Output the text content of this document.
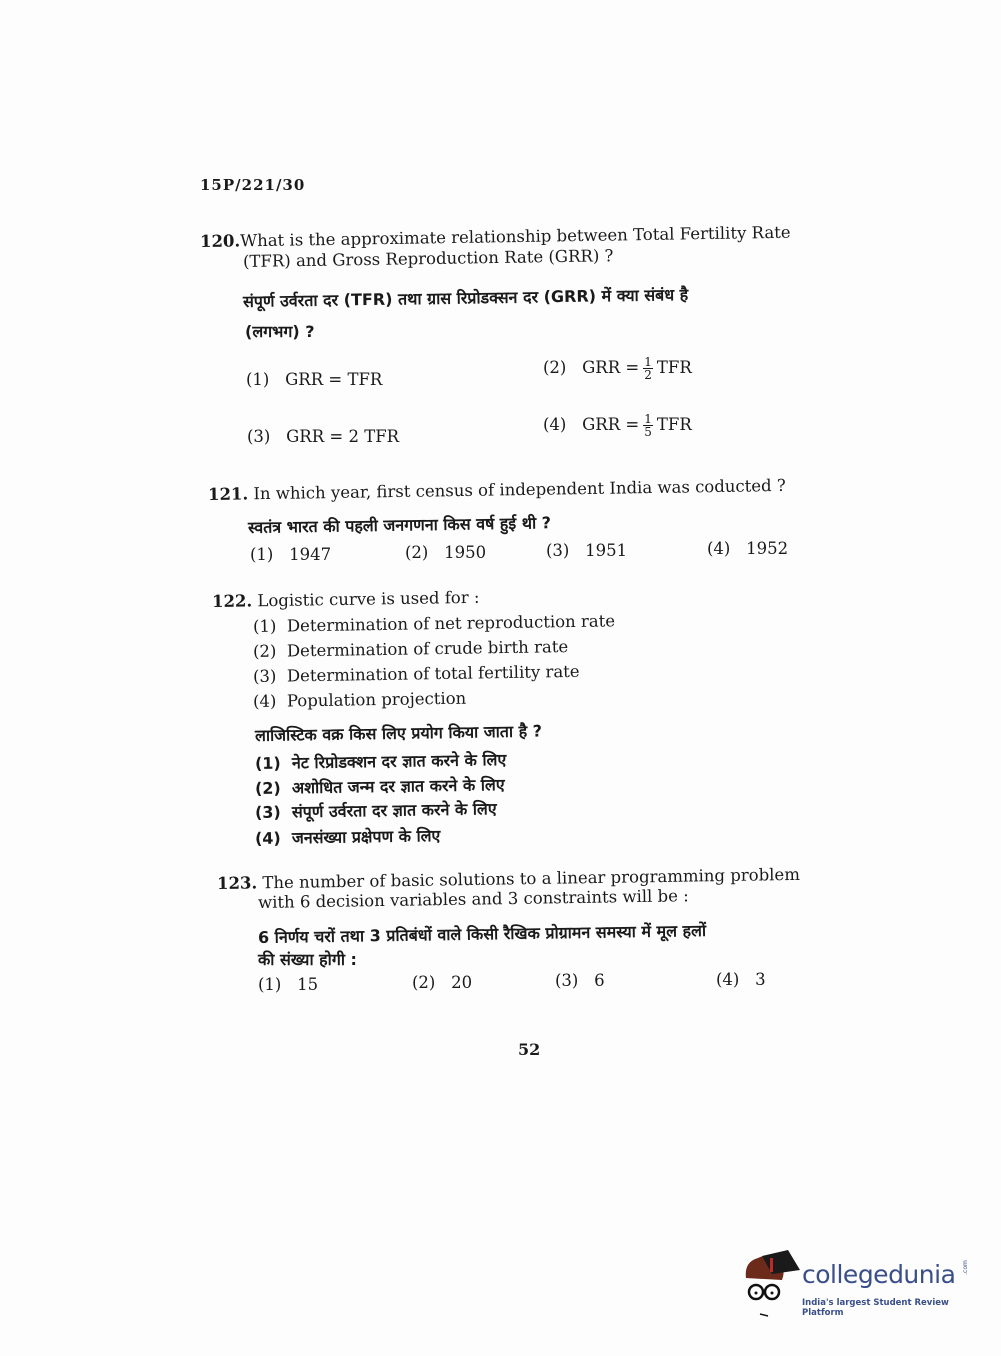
15P/221/30
120.What is the approximate relationship between Total Fertility Rate
(TFR) and Gross Reproduction Rate (GRR) ?
संपूर्ण उर्वरता दर (TFR) तथा ग्रास रिप्रोडक्सन दर (GRR) में क्या संबंध है
(लगभग) ?
(1) GRR = TFR
(2) GRR = $\frac{1}{2}$ TFR
(3) GRR = 2 TFR
(4) GRR = $\frac{1}{5}$ TFR
121. In which year, first census of independent India was coducted ?
स्वतंत्र भारत की पहली जनगणना किस वर्ष हुई थी ?
(1) 1947	(2) 1950	(3) 1951	(4) 1952
122. Logistic curve is used for :
(1) Determination of net reproduction rate
(2) Determination of crude birth rate
(3) Determination of total fertility rate
(4) Population projection
लाजिस्टिक वक्र किस लिए प्रयोग किया जाता है ?
(1) नेट रिप्रोडक्शन दर ज्ञात करने के लिए
(2) अशोधित जन्म दर ज्ञात करने के लिए
(3) संपूर्ण उर्वरता दर ज्ञात करने के लिए
(4) जनसंख्या प्रक्षेपण के लिए
123. The number of basic solutions to a linear programming problem
with 6 decision variables and 3 constraints will be :
6 निर्णय चरों तथा 3 प्रतिबंधों वाले किसी रैखिक प्रोग्रामन समस्या में मूल हलों
की संख्या होगी :
(1) 15	(2) 20	(3) 6	(4) 3
52
collegedunia .com
India's largest Student Review Platform
